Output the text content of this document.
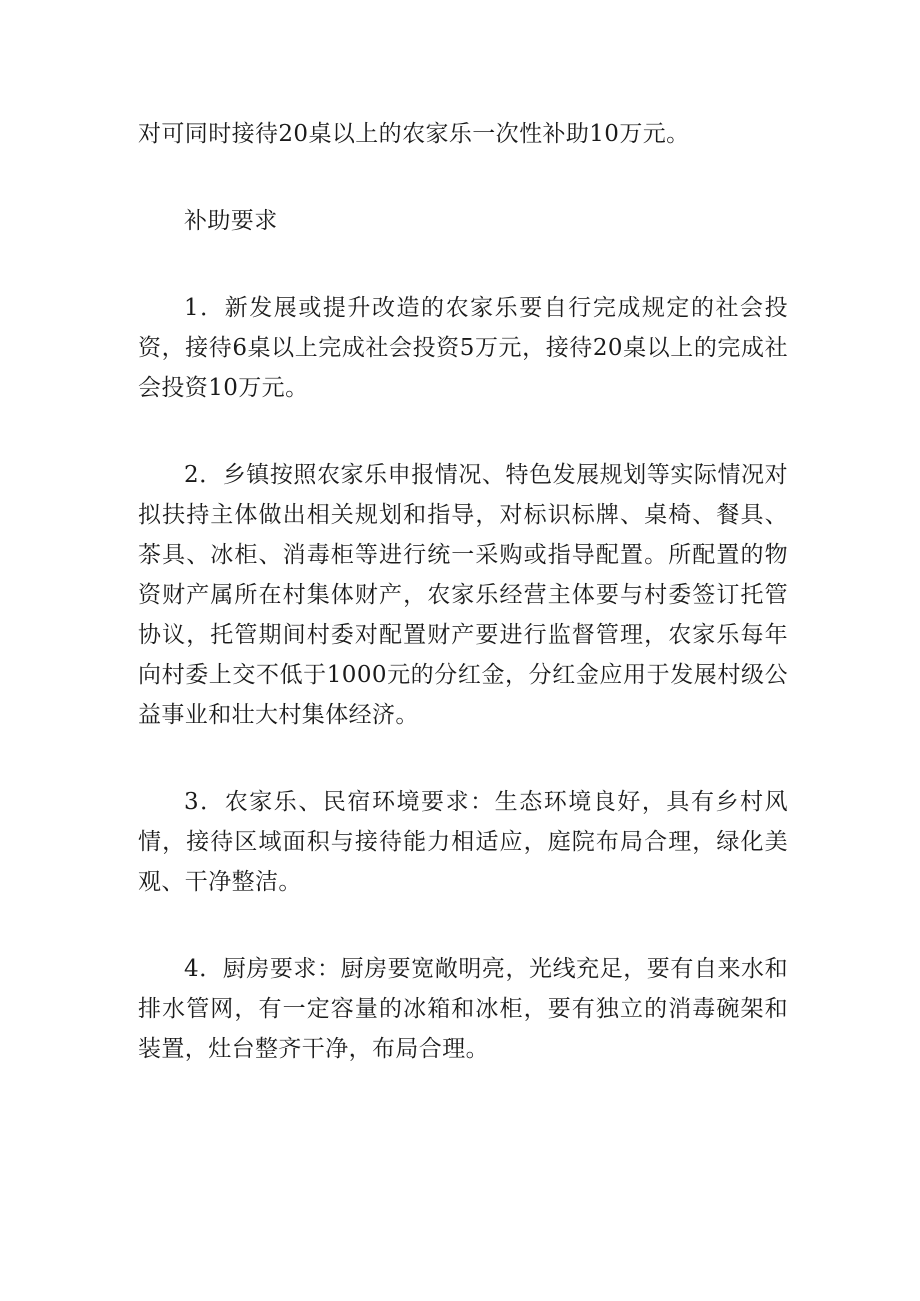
对可同时接待20桌以上的农家乐一次性补助10万元。

补助要求

1．新发展或提升改造的农家乐要自行完成规定的社会投资，接待6桌以上完成社会投资5万元，接待20桌以上的完成社会投资10万元。

2．乡镇按照农家乐申报情况、特色发展规划等实际情况对拟扶持主体做出相关规划和指导，对标识标牌、桌椅、餐具、茶具、冰柜、消毒柜等进行统一采购或指导配置。所配置的物资财产属所在村集体财产，农家乐经营主体要与村委签订托管协议，托管期间村委对配置财产要进行监督管理，农家乐每年向村委上交不低于1000元的分红金，分红金应用于发展村级公益事业和壮大村集体经济。

3．农家乐、民宿环境要求：生态环境良好，具有乡村风情，接待区域面积与接待能力相适应，庭院布局合理，绿化美观、干净整洁。

4．厨房要求：厨房要宽敞明亮，光线充足，要有自来水和排水管网，有一定容量的冰箱和冰柜，要有独立的消毒碗架和装置，灶台整齐干净，布局合理。
